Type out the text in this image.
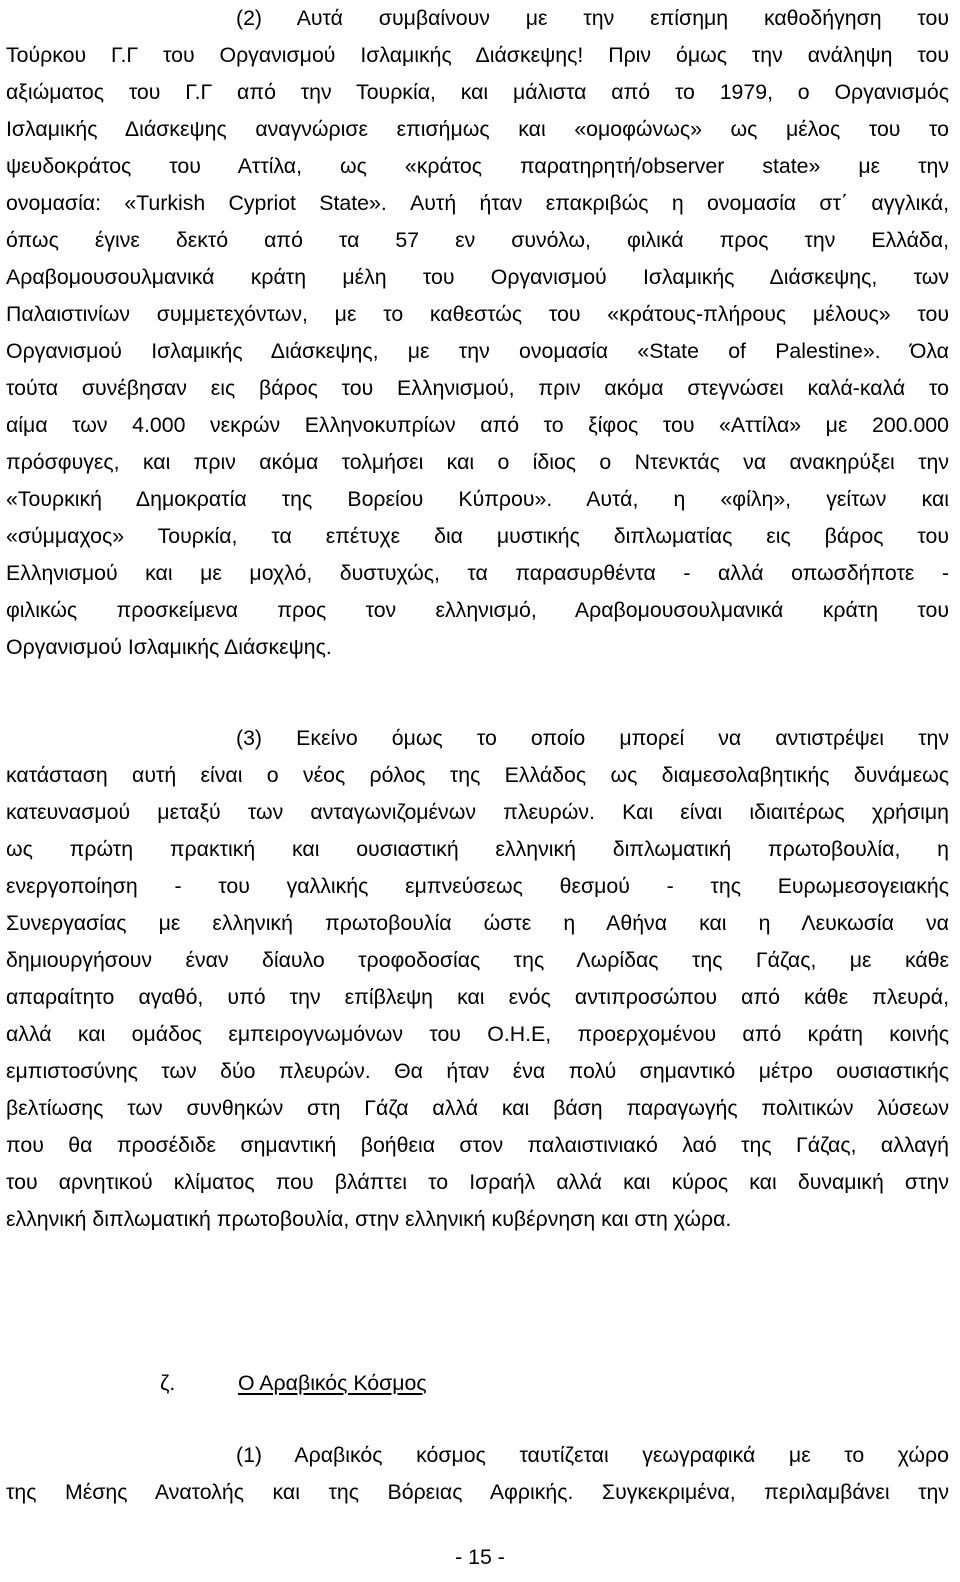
(2) Αυτά συμβαίνουν με την επίσημη καθοδήγηση του
Τούρκου Γ.Γ του Οργανισμού Ισλαμικής Διάσκεψης! Πριν όμως την ανάληψη του
αξιώματος του Γ.Γ από την Τουρκία, και μάλιστα από το 1979, ο Οργανισμός
Ισλαμικής Διάσκεψης αναγνώρισε επισήμως και «ομοφώνως» ως μέλος του το
ψευδοκράτος του Αττίλα, ως «κράτος παρατηρητή/observer state» με την
ονομασία: «Turkish Cypriot State». Αυτή ήταν επακριβώς η ονομασία στ΄ αγγλικά,
όπως έγινε δεκτό από τα 57 εν συνόλω, φιλικά προς την Ελλάδα,
Αραβομουσουλμανικά κράτη μέλη του Οργανισμού Ισλαμικής Διάσκεψης, των
Παλαιστινίων συμμετεχόντων, με το καθεστώς του «κράτους-πλήρους μέλους» του
Οργανισμού Ισλαμικής Διάσκεψης, με την ονομασία «State of Palestine». Όλα
τούτα συνέβησαν εις βάρος του Ελληνισμού, πριν ακόμα στεγνώσει καλά-καλά το
αίμα των 4.000 νεκρών Ελληνοκυπρίων από το ξίφος του «Αττίλα» με 200.000
πρόσφυγες, και πριν ακόμα τολμήσει και ο ίδιος ο Ντενκτάς να ανακηρύξει την
«Τουρκική Δημοκρατία της Βορείου Κύπρου». Αυτά, η «φίλη», γείτων και
«σύμμαχος» Τουρκία, τα επέτυχε δια μυστικής διπλωματίας εις βάρος του
Ελληνισμού και με μοχλό, δυστυχώς, τα παρασυρθέντα - αλλά οπωσδήποτε -
φιλικώς προσκείμενα προς τον ελληνισμό, Αραβομουσουλμανικά κράτη του
Οργανισμού Ισλαμικής Διάσκεψης.
(3) Εκείνο όμως το οποίο μπορεί να αντιστρέψει την
κατάσταση αυτή είναι ο νέος ρόλος της Ελλάδος ως διαμεσολαβητικής δυνάμεως
κατευνασμού μεταξύ των ανταγωνιζομένων πλευρών. Και είναι ιδιαιτέρως χρήσιμη
ως πρώτη πρακτική και ουσιαστική ελληνική διπλωματική πρωτοβουλία, η
ενεργοποίηση - του γαλλικής εμπνεύσεως θεσμού - της Ευρωμεσογειακής
Συνεργασίας με ελληνική πρωτοβουλία ώστε η Αθήνα και η Λευκωσία να
δημιουργήσουν έναν δίαυλο τροφοδοσίας της Λωρίδας της Γάζας, με κάθε
απαραίτητο αγαθό, υπό την επίβλεψη και ενός αντιπροσώπου από κάθε πλευρά,
αλλά και ομάδος εμπειρογνωμόνων του Ο.Η.Ε, προερχομένου από κράτη κοινής
εμπιστοσύνης των δύο πλευρών. Θα ήταν ένα πολύ σημαντικό μέτρο ουσιαστικής
βελτίωσης των συνθηκών στη Γάζα αλλά και βάση παραγωγής πολιτικών λύσεων
που θα προσέδιδε σημαντική βοήθεια στον παλαιστινιακό λαό της Γάζας, αλλαγή
του αρνητικού κλίματος που βλάπτει το Ισραήλ αλλά και κύρος και δυναμική στην
ελληνική διπλωματική πρωτοβουλία, στην ελληνική κυβέρνηση και στη χώρα.
ζ.	Ο Αραβικός Κόσμος
(1) Αραβικός κόσμος ταυτίζεται γεωγραφικά με το χώρο
της Μέσης Ανατολής και της Βόρειας Αφρικής. Συγκεκριμένα, περιλαμβάνει την
- 15 -
